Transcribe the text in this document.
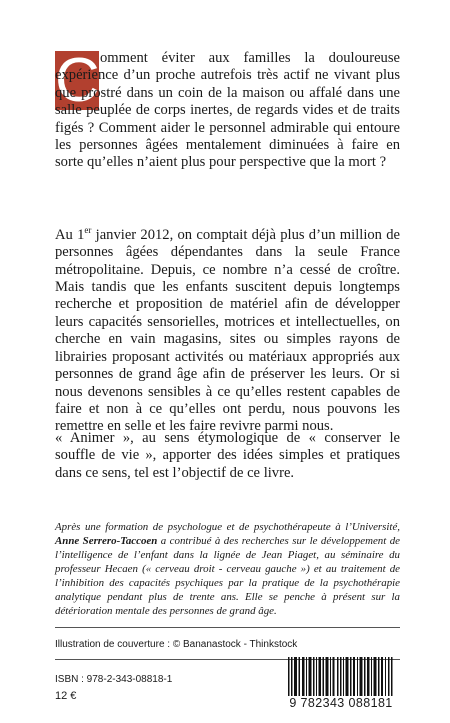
C omment éviter aux familles la douloureuse expérience d’un proche autrefois très actif ne vivant plus que prostré dans un coin de la maison ou affalé dans une salle peuplée de corps inertes, de regards vides et de traits figés ? Comment aider le personnel admirable qui entoure les personnes âgées mentalement diminuées à faire en sorte qu’elles n’aient plus pour perspective que la mort ?

Au 1er janvier 2012, on comptait déjà plus d’un million de personnes âgées dépendantes dans la seule France métropolitaine. Depuis, ce nombre n’a cessé de croître. Mais tandis que les enfants suscitent depuis longtemps recherche et proposition de matériel afin de développer leurs capacités sensorielles, motrices et intellectuelles, on cherche en vain magasins, sites ou simples rayons de librairies proposant activités ou matériaux appropriés aux personnes de grand âge afin de préserver les leurs. Or si nous devenons sensibles à ce qu’elles restent capables de faire et non à ce qu’elles ont perdu, nous pouvons les remettre en selle et les faire revivre parmi nous.

« Animer », au sens étymologique de « conserver le souffle de vie », apporter des idées simples et pratiques dans ce sens, tel est l’objectif de ce livre.

Après une formation de psychologue et de psychothérapeute à l’Université, Anne Serrero-Taccoen a contribué à des recherches sur le développement de l’intelligence de l’enfant dans la lignée de Jean Piaget, au séminaire du professeur Hecaen (« cerveau droit - cerveau gauche ») et au traitement de l’inhibition des capacités psychiques par la pratique de la psychothérapie analytique pendant plus de trente ans. Elle se penche à présent sur la détérioration mentale des personnes de grand âge.

Illustration de couverture : © Bananastock - Thinkstock
ISBN : 978-2-343-08818-1
12 €	9 782343 088181
